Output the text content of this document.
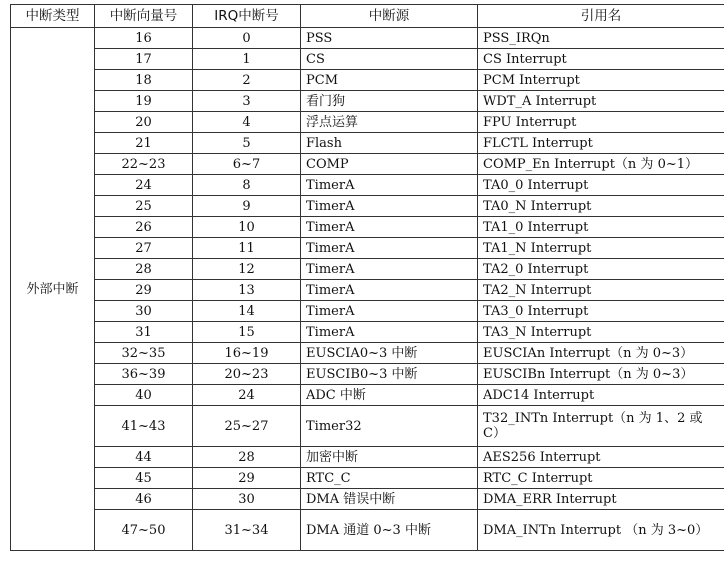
中断类型	中断向量号	IRQ中断号	中断源	引用名
外部中断	16	0	PSS	PSS_IRQn
	17	1	CS	CS Interrupt
	18	2	PCM	PCM Interrupt
	19	3	看门狗	WDT_A Interrupt
	20	4	浮点运算	FPU Interrupt
	21	5	Flash	FLCTL Interrupt
	22~23	6~7	COMP	COMP_En Interrupt（n 为 0~1）
	24	8	TimerA	TA0_0 Interrupt
	25	9	TimerA	TA0_N Interrupt
	26	10	TimerA	TA1_0 Interrupt
	27	11	TimerA	TA1_N Interrupt
	28	12	TimerA	TA2_0 Interrupt
	29	13	TimerA	TA2_N Interrupt
	30	14	TimerA	TA3_0 Interrupt
	31	15	TimerA	TA3_N Interrupt
	32~35	16~19	EUSCIA0~3 中断	EUSCIAn Interrupt（n 为 0~3）
	36~39	20~23	EUSCIB0~3 中断	EUSCIBn Interrupt（n 为 0~3）
	40	24	ADC 中断	ADC14 Interrupt
	41~43	25~27	Timer32	T32_INTn Interrupt（n 为 1、2 或 C）
	44	28	加密中断	AES256 Interrupt
	45	29	RTC_C	RTC_C Interrupt
	46	30	DMA 错误中断	DMA_ERR Interrupt
	47~50	31~34	DMA 通道 0~3 中断	DMA_INTn Interrupt （n 为 3~0）
